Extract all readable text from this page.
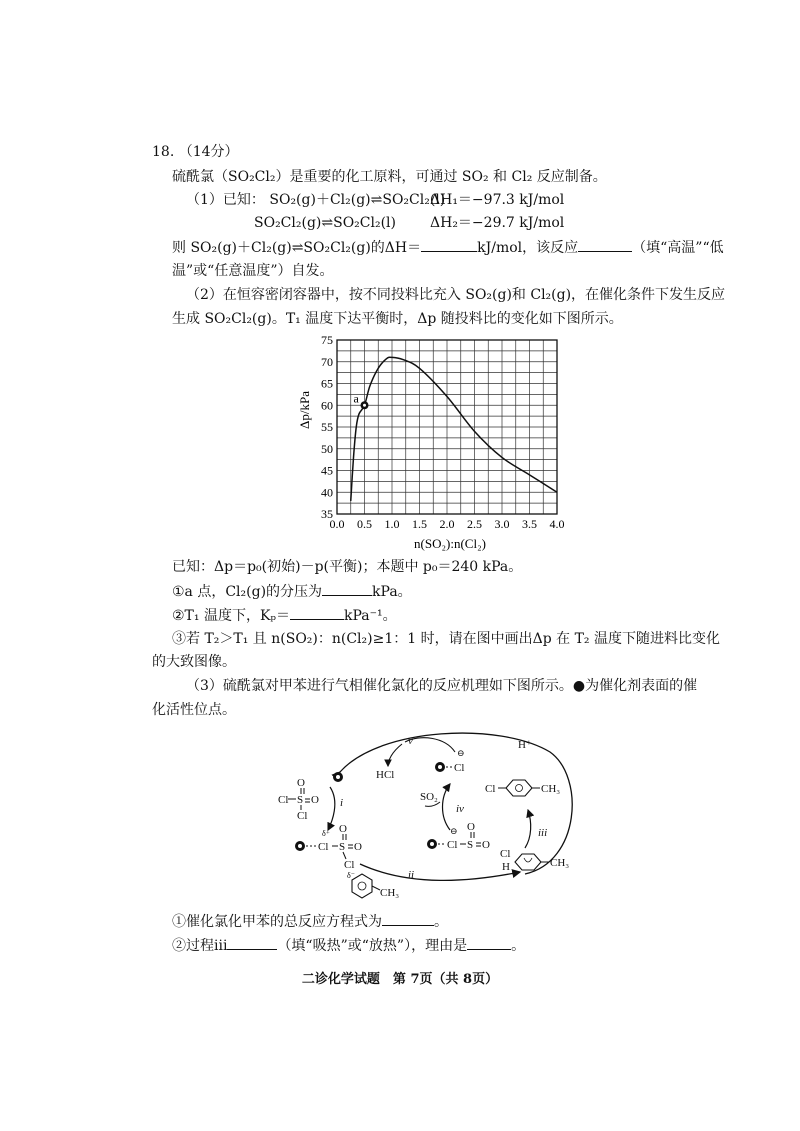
18. （14分）
硫酰氯（SO₂Cl₂）是重要的化工原料，可通过 SO₂ 和 Cl₂ 反应制备。
（1）已知： SO₂(g)＋Cl₂(g)⇌SO₂Cl₂(l)
ΔH₁＝−97.3 kJ/mol
SO₂Cl₂(g)⇌SO₂Cl₂(l) ΔH₂＝−29.7 kJ/mol
则 SO₂(g)＋Cl₂(g)⇌SO₂Cl₂(g)的ΔH＝	kJ/mol，该反应	（填“高温”“低
温”或“任意温度”）自发。
（2）在恒容密闭容器中，按不同投料比充入 SO₂(g)和 Cl₂(g)，在催化条件下发生反应
生成 SO₂Cl₂(g)。T₁ 温度下达平衡时，Δp 随投料比的变化如下图所示。
0.0 0.5 1.0 1.5 2.0 2.5 3.0 3.5 4.0
35
40
45
50
55
60
65
70
75
a
Δp/kPa
n(SO₂):n(Cl₂)
已知：Δp＝p₀(初始)－p(平衡)；本题中 p₀＝240 kPa。
①a 点，Cl₂(g)的分压为	kPa。
②T₁ 温度下，Kₚ＝	kPa⁻¹。
③若 T₂＞T₁ 且 n(SO₂)：n(Cl₂)≥1：1 时，请在图中画出Δp 在 T₂ 温度下随进料比变化
的大致图像。
（3）硫酰氯对甲苯进行气相催化氯化的反应机理如下图所示。●为催化剂表面的催
化活性位点。
Cl S O
O
Cl
i
Cl
δ⁺
S O
O
Cl
δ⁻
CH₃
ii
Cl
⊖
S O
O
iv
SO₂
Cl
⊖
v
HCl
H⁺
Cl	CH₃
iii
Cl
H	CH₃
①催化氯化甲苯的总反应方程式为	。
②过程iii	（填“吸热”或“放热”），理由是	。
二诊化学试题　第 7页（共 8页）
